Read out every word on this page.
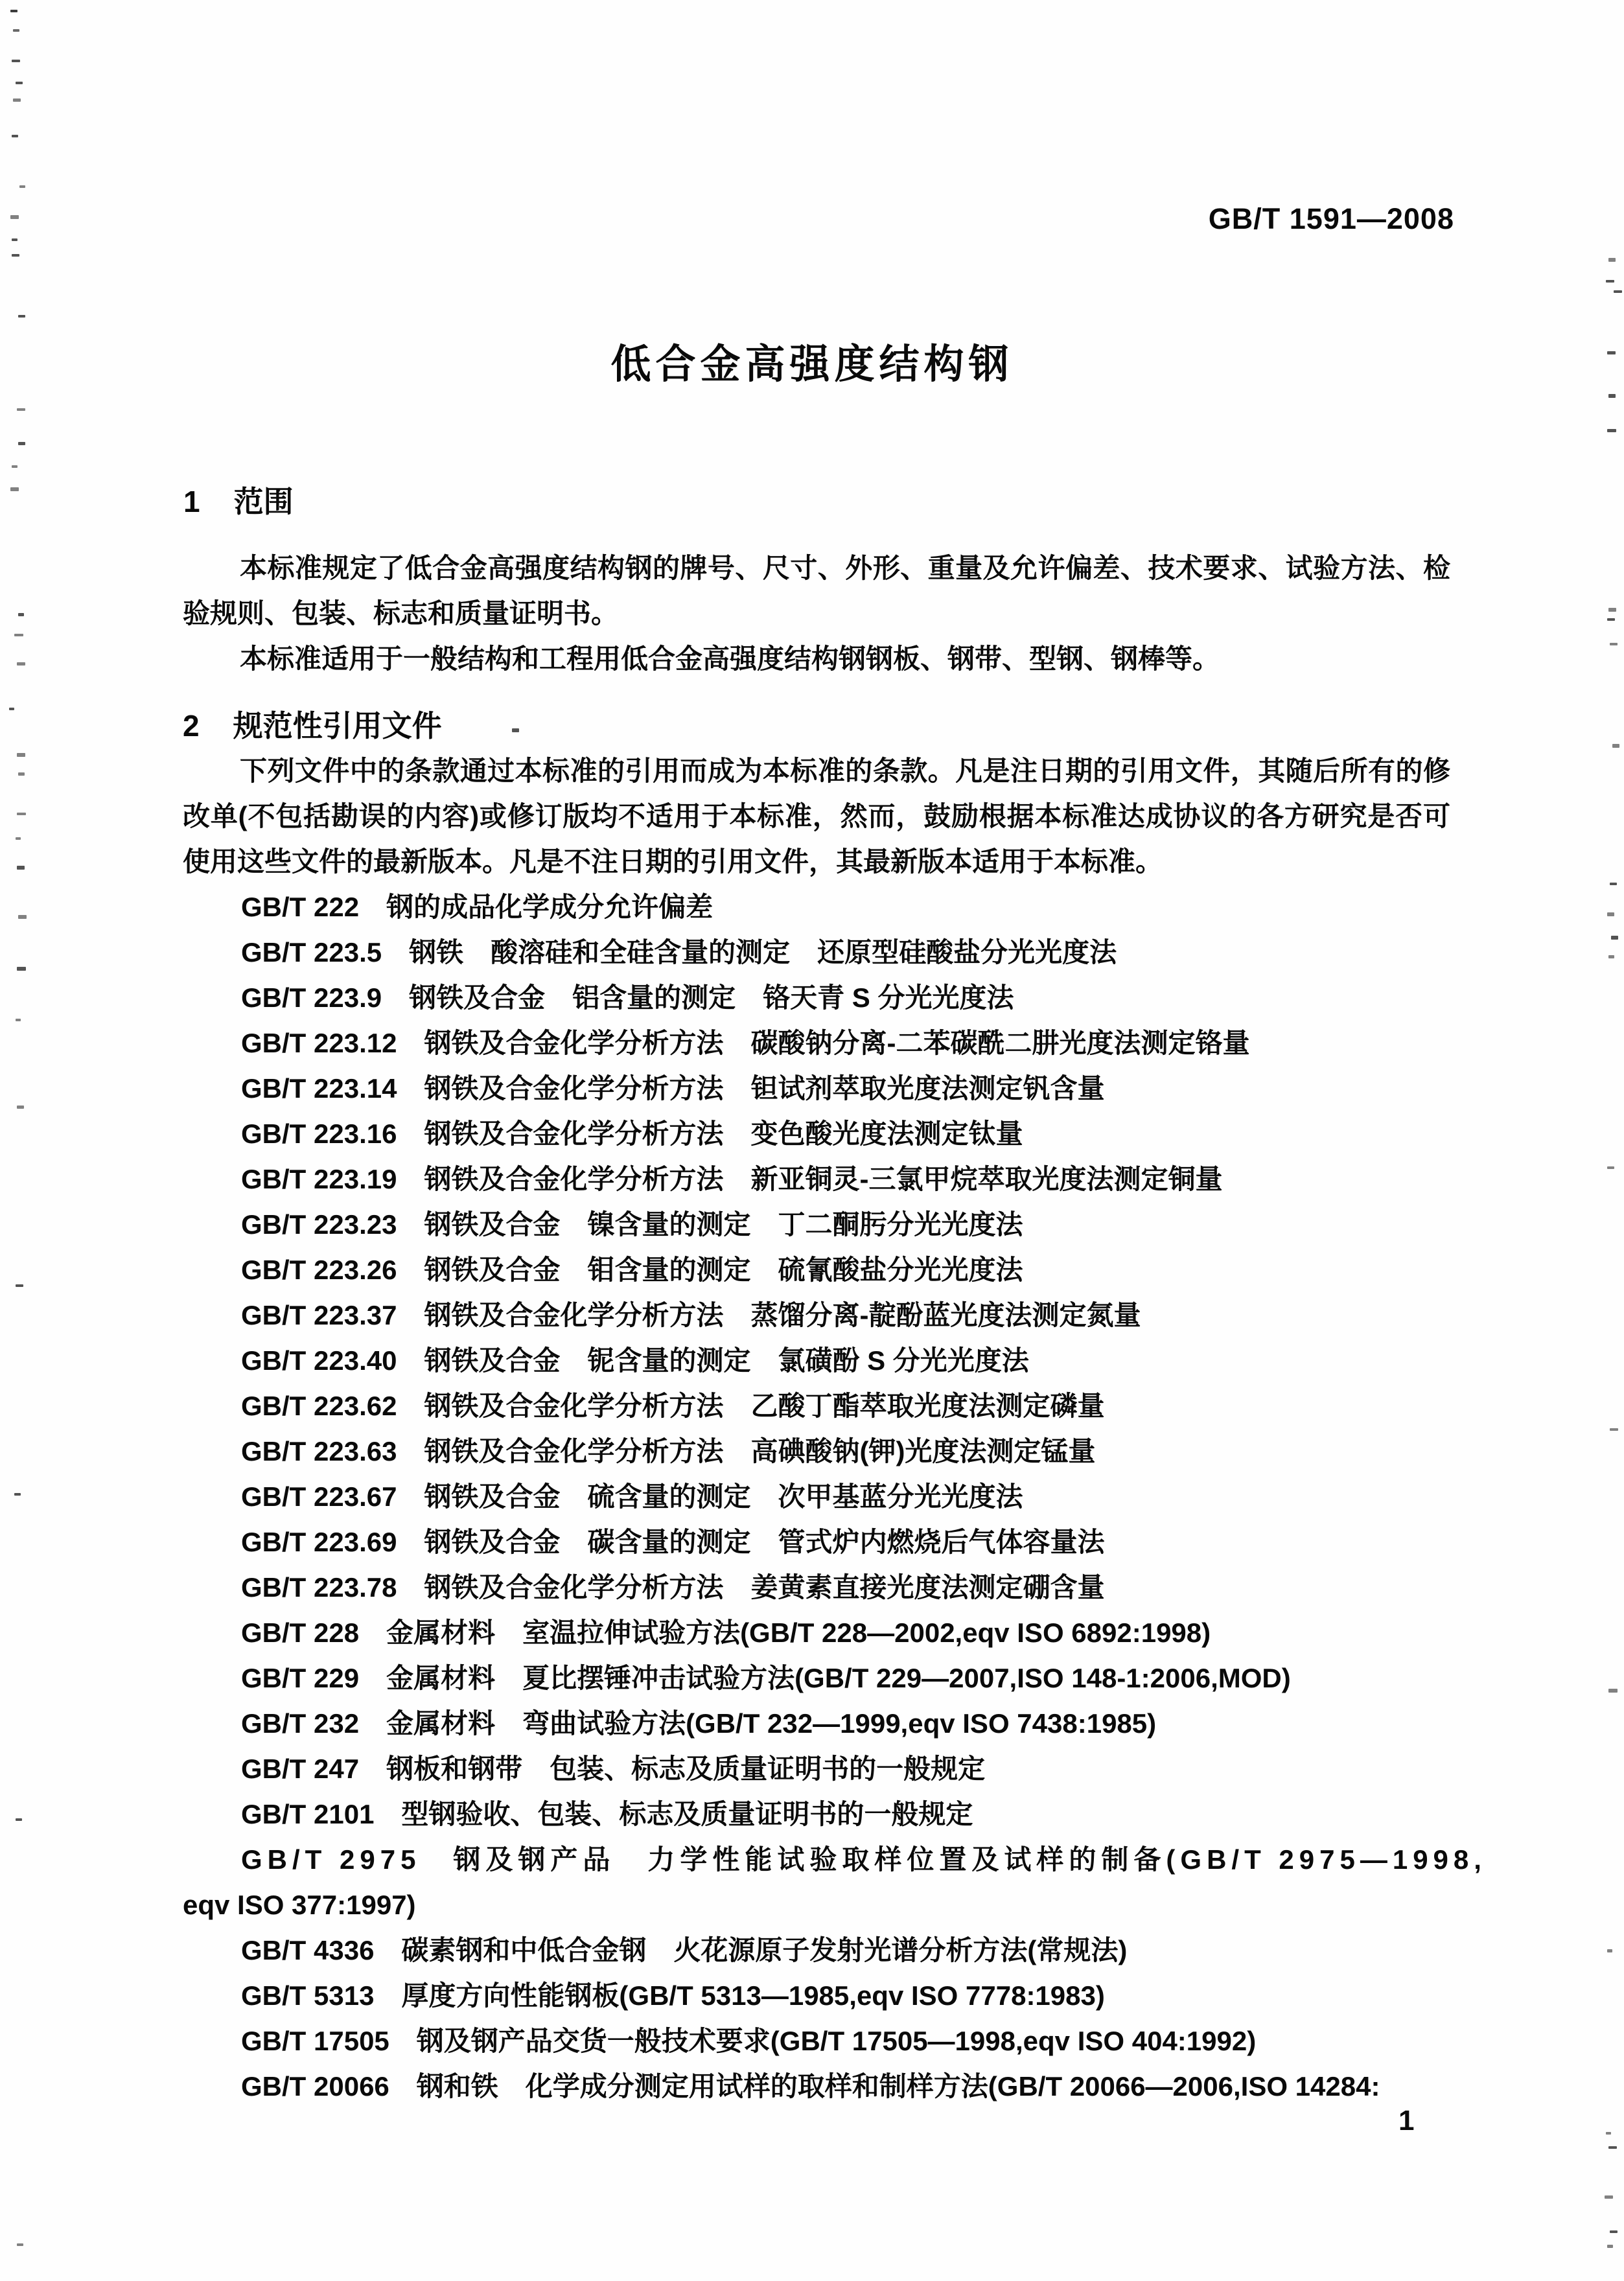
GB/T 1591—2008
低合金高强度结构钢
1 范围

本标准规定了低合金高强度结构钢的牌号、尺寸、外形、重量及允许偏差、技术要求、试验方法、检验规则、包装、标志和质量证明书。

本标准适用于一般结构和工程用低合金高强度结构钢钢板、钢带、型钢、钢棒等。

2 规范性引用文件

下列文件中的条款通过本标准的引用而成为本标准的条款。凡是注日期的引用文件，其随后所有的修改单(不包括勘误的内容)或修订版均不适用于本标准，然而，鼓励根据本标准达成协议的各方研究是否可使用这些文件的最新版本。凡是不注日期的引用文件，其最新版本适用于本标准。

GB/T 222　钢的成品化学成分允许偏差
GB/T 223.5　钢铁　酸溶硅和全硅含量的测定　还原型硅酸盐分光光度法
GB/T 223.9　钢铁及合金　铝含量的测定　铬天青 S 分光光度法
GB/T 223.12　钢铁及合金化学分析方法　碳酸钠分离-二苯碳酰二肼光度法测定铬量
GB/T 223.14　钢铁及合金化学分析方法　钽试剂萃取光度法测定钒含量
GB/T 223.16　钢铁及合金化学分析方法　变色酸光度法测定钛量
GB/T 223.19　钢铁及合金化学分析方法　新亚铜灵-三氯甲烷萃取光度法测定铜量
GB/T 223.23　钢铁及合金　镍含量的测定　丁二酮肟分光光度法
GB/T 223.26　钢铁及合金　钼含量的测定　硫氰酸盐分光光度法
GB/T 223.37　钢铁及合金化学分析方法　蒸馏分离-靛酚蓝光度法测定氮量
GB/T 223.40　钢铁及合金　铌含量的测定　氯磺酚 S 分光光度法
GB/T 223.62　钢铁及合金化学分析方法　乙酸丁酯萃取光度法测定磷量
GB/T 223.63　钢铁及合金化学分析方法　高碘酸钠(钾)光度法测定锰量
GB/T 223.67　钢铁及合金　硫含量的测定　次甲基蓝分光光度法
GB/T 223.69　钢铁及合金　碳含量的测定　管式炉内燃烧后气体容量法
GB/T 223.78　钢铁及合金化学分析方法　姜黄素直接光度法测定硼含量
GB/T 228　金属材料　室温拉伸试验方法(GB/T 228—2002,eqv ISO 6892:1998)
GB/T 229　金属材料　夏比摆锤冲击试验方法(GB/T 229—2007,ISO 148-1:2006,MOD)
GB/T 232　金属材料　弯曲试验方法(GB/T 232—1999,eqv ISO 7438:1985)
GB/T 247　钢板和钢带　包装、标志及质量证明书的一般规定
GB/T 2101　型钢验收、包装、标志及质量证明书的一般规定
GB/T 2975　钢及钢产品　力学性能试验取样位置及试样的制备(GB/T 2975—1998,
eqv ISO 377:1997)
GB/T 4336　碳素钢和中低合金钢　火花源原子发射光谱分析方法(常规法)
GB/T 5313　厚度方向性能钢板(GB/T 5313—1985,eqv ISO 7778:1983)
GB/T 17505　钢及钢产品交货一般技术要求(GB/T 17505—1998,eqv ISO 404:1992)
GB/T 20066　钢和铁　化学成分测定用试样的取样和制样方法(GB/T 20066—2006,ISO 14284:
1
